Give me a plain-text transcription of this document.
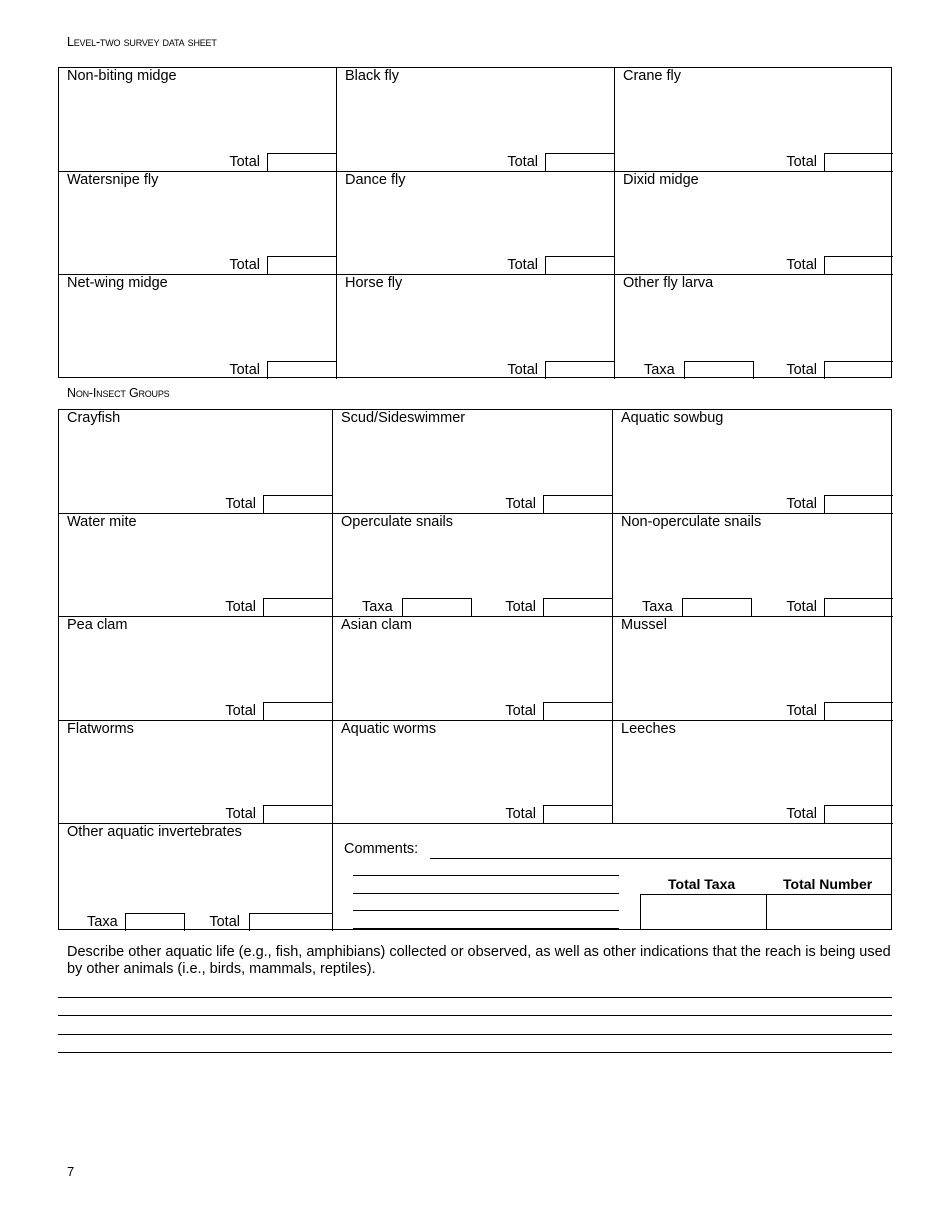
Level-two survey data sheet
Non-biting midge
Total
Black fly
Total
Crane fly
Total
Watersnipe fly
Total
Dance fly
Total
Dixid midge
Total
Net-wing midge
Total
Horse fly
Total
Other fly larva
Taxa	Total
Non-Insect Groups
Crayfish
Total
Scud/Sideswimmer
Total
Aquatic sowbug
Total
Water mite
Total
Operculate snails
Taxa	Total
Non-operculate snails
Taxa	Total
Pea clam
Total
Asian clam
Total
Mussel
Total
Flatworms
Total
Aquatic worms
Total
Leeches
Total
Other aquatic invertebrates
Taxa	Total
Comments:
Total Taxa	Total Number
Describe other aquatic life (e.g., fish, amphibians) collected or observed, as well as other indications that the reach is being used by other animals (i.e., birds, mammals, reptiles).
7
